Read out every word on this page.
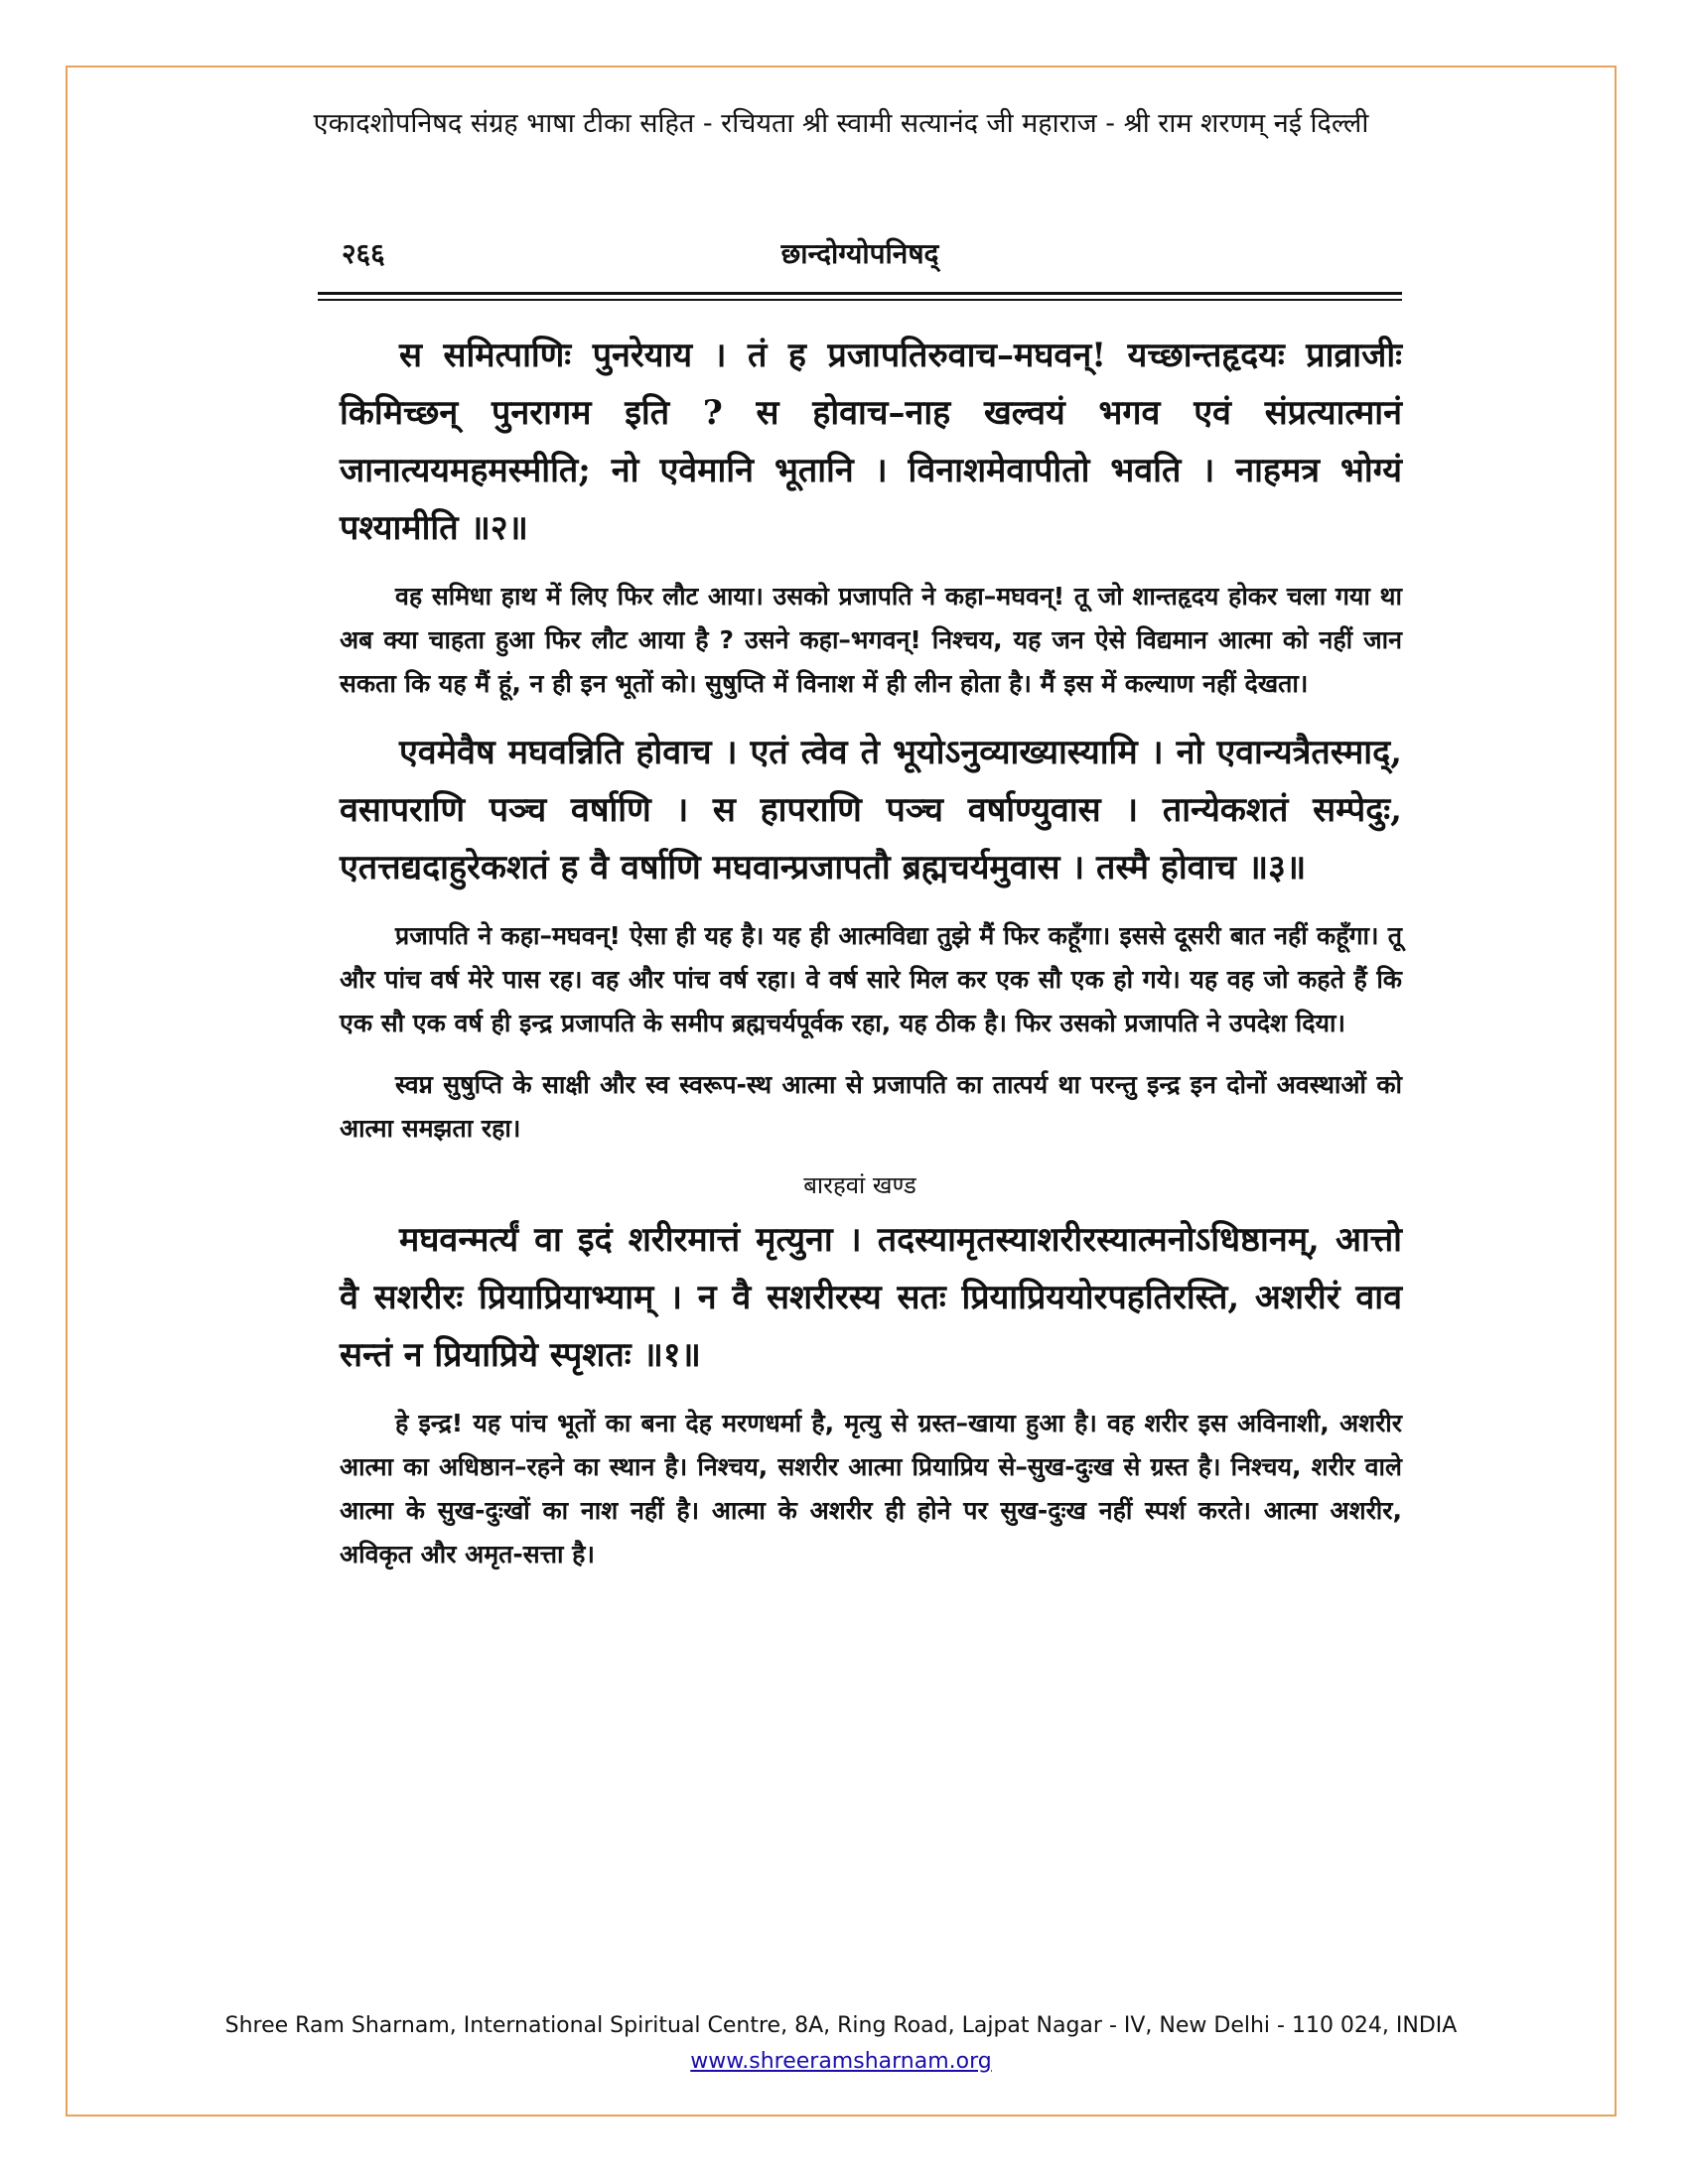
एकादशोपनिषद संग्रह भाषा टीका सहित - रचियता श्री स्वामी सत्यानंद जी महाराज - श्री राम शरणम् नई दिल्ली
२६६	छान्दोग्योपनिषद्

स समित्पाणिः पुनरेयाय । तं ह प्रजापतिरुवाच–मघवन्! यच्छान्तहृदयः प्राव्राजीः किमिच्छन् पुनरागम इति ? स होवाच–नाह खल्वयं भगव एवं संप्रत्यात्मानं जानात्ययमहमस्मीति; नो एवेमानि भूतानि । विनाशमेवापीतो भवति । नाहमत्र भोग्यं पश्यामीति ॥२॥

वह समिधा हाथ में लिए फिर लौट आया। उसको प्रजापति ने कहा–मघवन्! तू जो शान्तहृदय होकर चला गया था अब क्या चाहता हुआ फिर लौट आया है ? उसने कहा–भगवन्! निश्चय, यह जन ऐसे विद्यमान आत्मा को नहीं जान सकता कि यह मैं हूं, न ही इन भूतों को। सुषुप्ति में विनाश में ही लीन होता है। मैं इस में कल्याण नहीं देखता।

एवमेवैष मघवन्निति होवाच । एतं त्वेव ते भूयोऽनुव्याख्यास्यामि । नो एवान्यत्रैतस्माद्, वसापराणि पञ्च वर्षाणि । स हापराणि पञ्च वर्षाण्युवास । तान्येकशतं सम्पेदुः, एतत्तद्यदाहुरेकशतं ह वै वर्षाणि मघवान्प्रजापतौ ब्रह्मचर्यमुवास । तस्मै होवाच ॥३॥

प्रजापति ने कहा–मघवन्! ऐसा ही यह है। यह ही आत्मविद्या तुझे मैं फिर कहूँगा। इससे दूसरी बात नहीं कहूँगा। तू और पांच वर्ष मेरे पास रह। वह और पांच वर्ष रहा। वे वर्ष सारे मिल कर एक सौ एक हो गये। यह वह जो कहते हैं कि एक सौ एक वर्ष ही इन्द्र प्रजापति के समीप ब्रह्मचर्यपूर्वक रहा, यह ठीक है। फिर उसको प्रजापति ने उपदेश दिया।

स्वप्न सुषुप्ति के साक्षी और स्व स्वरूप-स्थ आत्मा से प्रजापति का तात्पर्य था परन्तु इन्द्र इन दोनों अवस्थाओं को आत्मा समझता रहा।

बारहवां खण्ड

मघवन्मर्त्यं वा इदं शरीरमात्तं मृत्युना । तदस्यामृतस्याशरीरस्यात्मनोऽधिष्ठानम्, आत्तो वै सशरीरः प्रियाप्रियाभ्याम् । न वै सशरीरस्य सतः प्रियाप्रिययोरपहतिरस्ति, अशरीरं वाव सन्तं न प्रियाप्रिये स्पृशतः ॥१॥

हे इन्द्र! यह पांच भूतों का बना देह मरणधर्मा है, मृत्यु से ग्रस्त–खाया हुआ है। वह शरीर इस अविनाशी, अशरीर आत्मा का अधिष्ठान–रहने का स्थान है। निश्चय, सशरीर आत्मा प्रियाप्रिय से–सुख-दुःख से ग्रस्त है। निश्चय, शरीर वाले आत्मा के सुख-दुःखों का नाश नहीं है। आत्मा के अशरीर ही होने पर सुख-दुःख नहीं स्पर्श करते। आत्मा अशरीर, अविकृत और अमृत-सत्ता है।

Shree Ram Sharnam, International Spiritual Centre, 8A, Ring Road, Lajpat Nagar - IV, New Delhi - 110 024, INDIA
www.shreeramsharnam.org
